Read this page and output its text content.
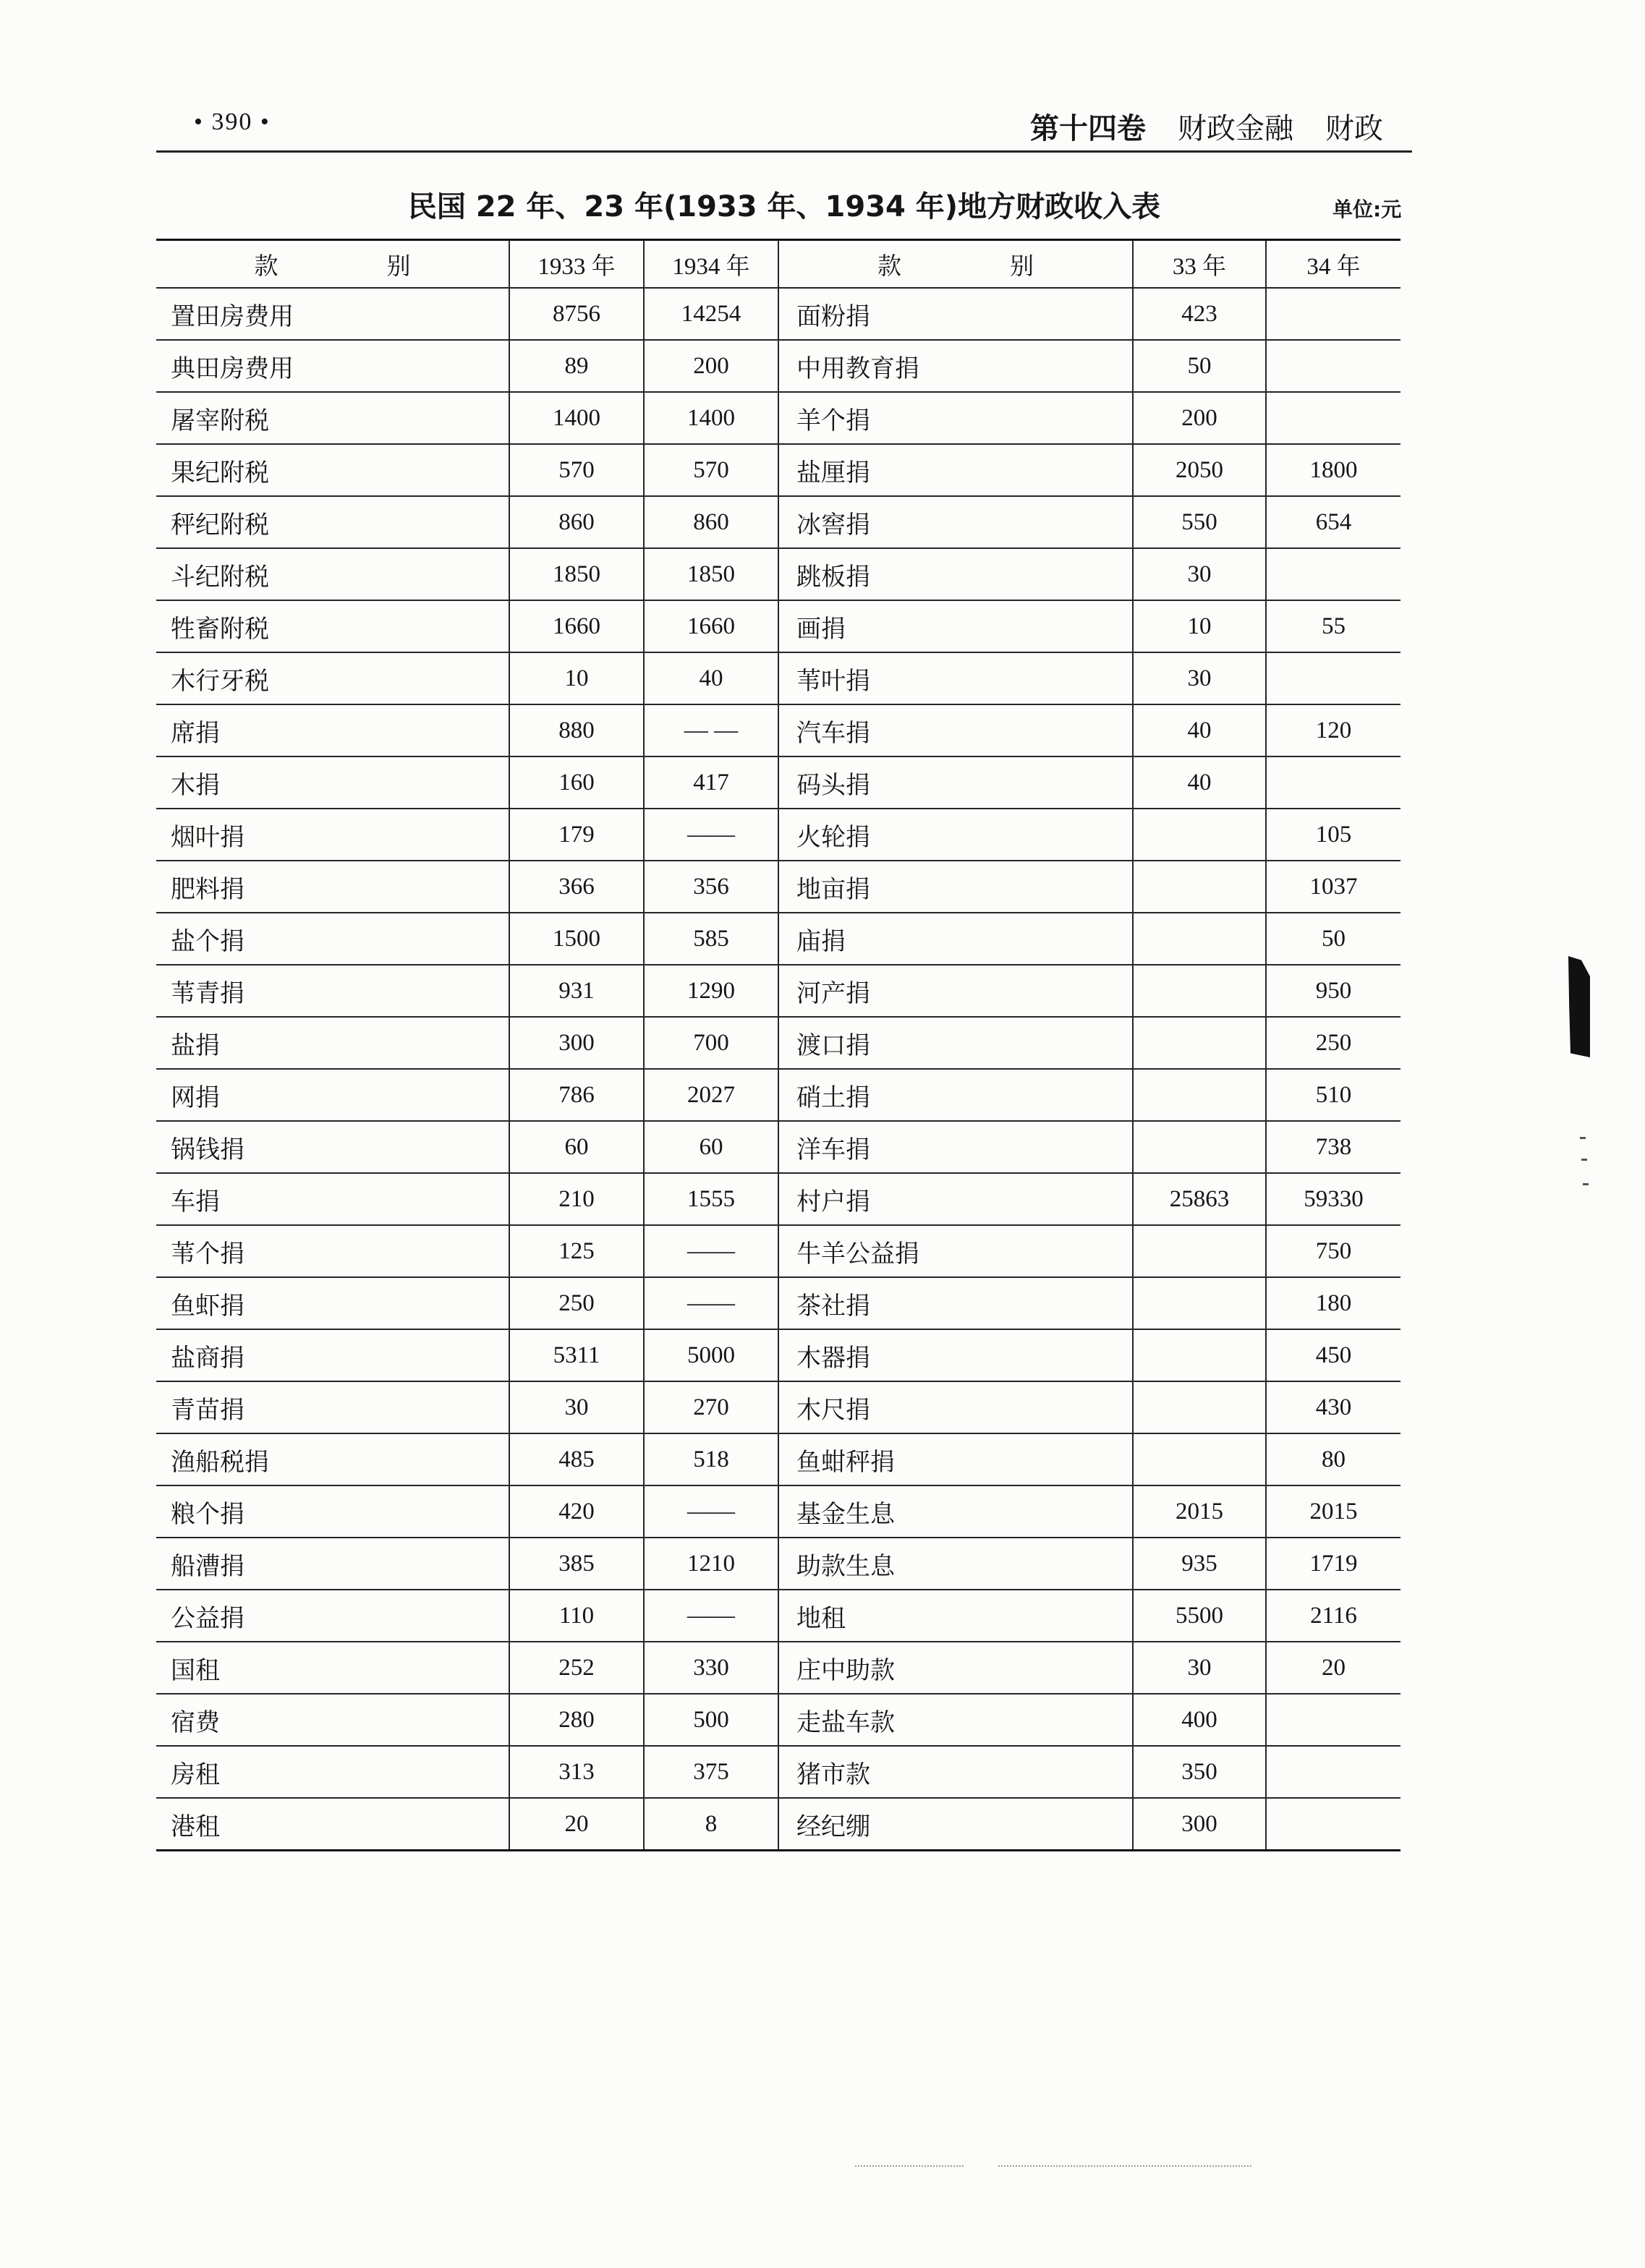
• 390 •	第十四卷 财政金融 财政
民国 22 年、23 年(1933 年、1934 年)地方财政收入表	单位:元
款　　别	1933 年	1934 年	款　　别	33 年	34 年
置田房费用	8756	14254	面粉捐	423	
典田房费用	89	200	中用教育捐	50	
屠宰附税	1400	1400	羊个捐	200	
果纪附税	570	570	盐厘捐	2050	1800
秤纪附税	860	860	冰窖捐	550	654
斗纪附税	1850	1850	跳板捐	30	
牲畜附税	1660	1660	画捐	10	55
木行牙税	10	40	苇叶捐	30	
席捐	880	— —	汽车捐	40	120
木捐	160	417	码头捐	40	
烟叶捐	179	——	火轮捐		105
肥料捐	366	356	地亩捐		1037
盐个捐	1500	585	庙捐		50
苇青捐	931	1290	河产捐		950
盐捐	300	700	渡口捐		250
网捐	786	2027	硝土捐		510
锅钱捐	60	60	洋车捐		738
车捐	210	1555	村户捐	25863	59330
苇个捐	125	——	牛羊公益捐		750
鱼虾捐	250	——	茶社捐		180
盐商捐	5311	5000	木器捐		450
青苗捐	30	270	木尺捐		430
渔船税捐	485	518	鱼蚶秤捐		80
粮个捐	420	——	基金生息	2015	2015
船漕捐	385	1210	助款生息	935	1719
公益捐	110	——	地租	5500	2116
国租	252	330	庄中助款	30	20
宿费	280	500	走盐车款	400	
房租	313	375	猪市款	350	
港租	20	8	经纪绷	300	
